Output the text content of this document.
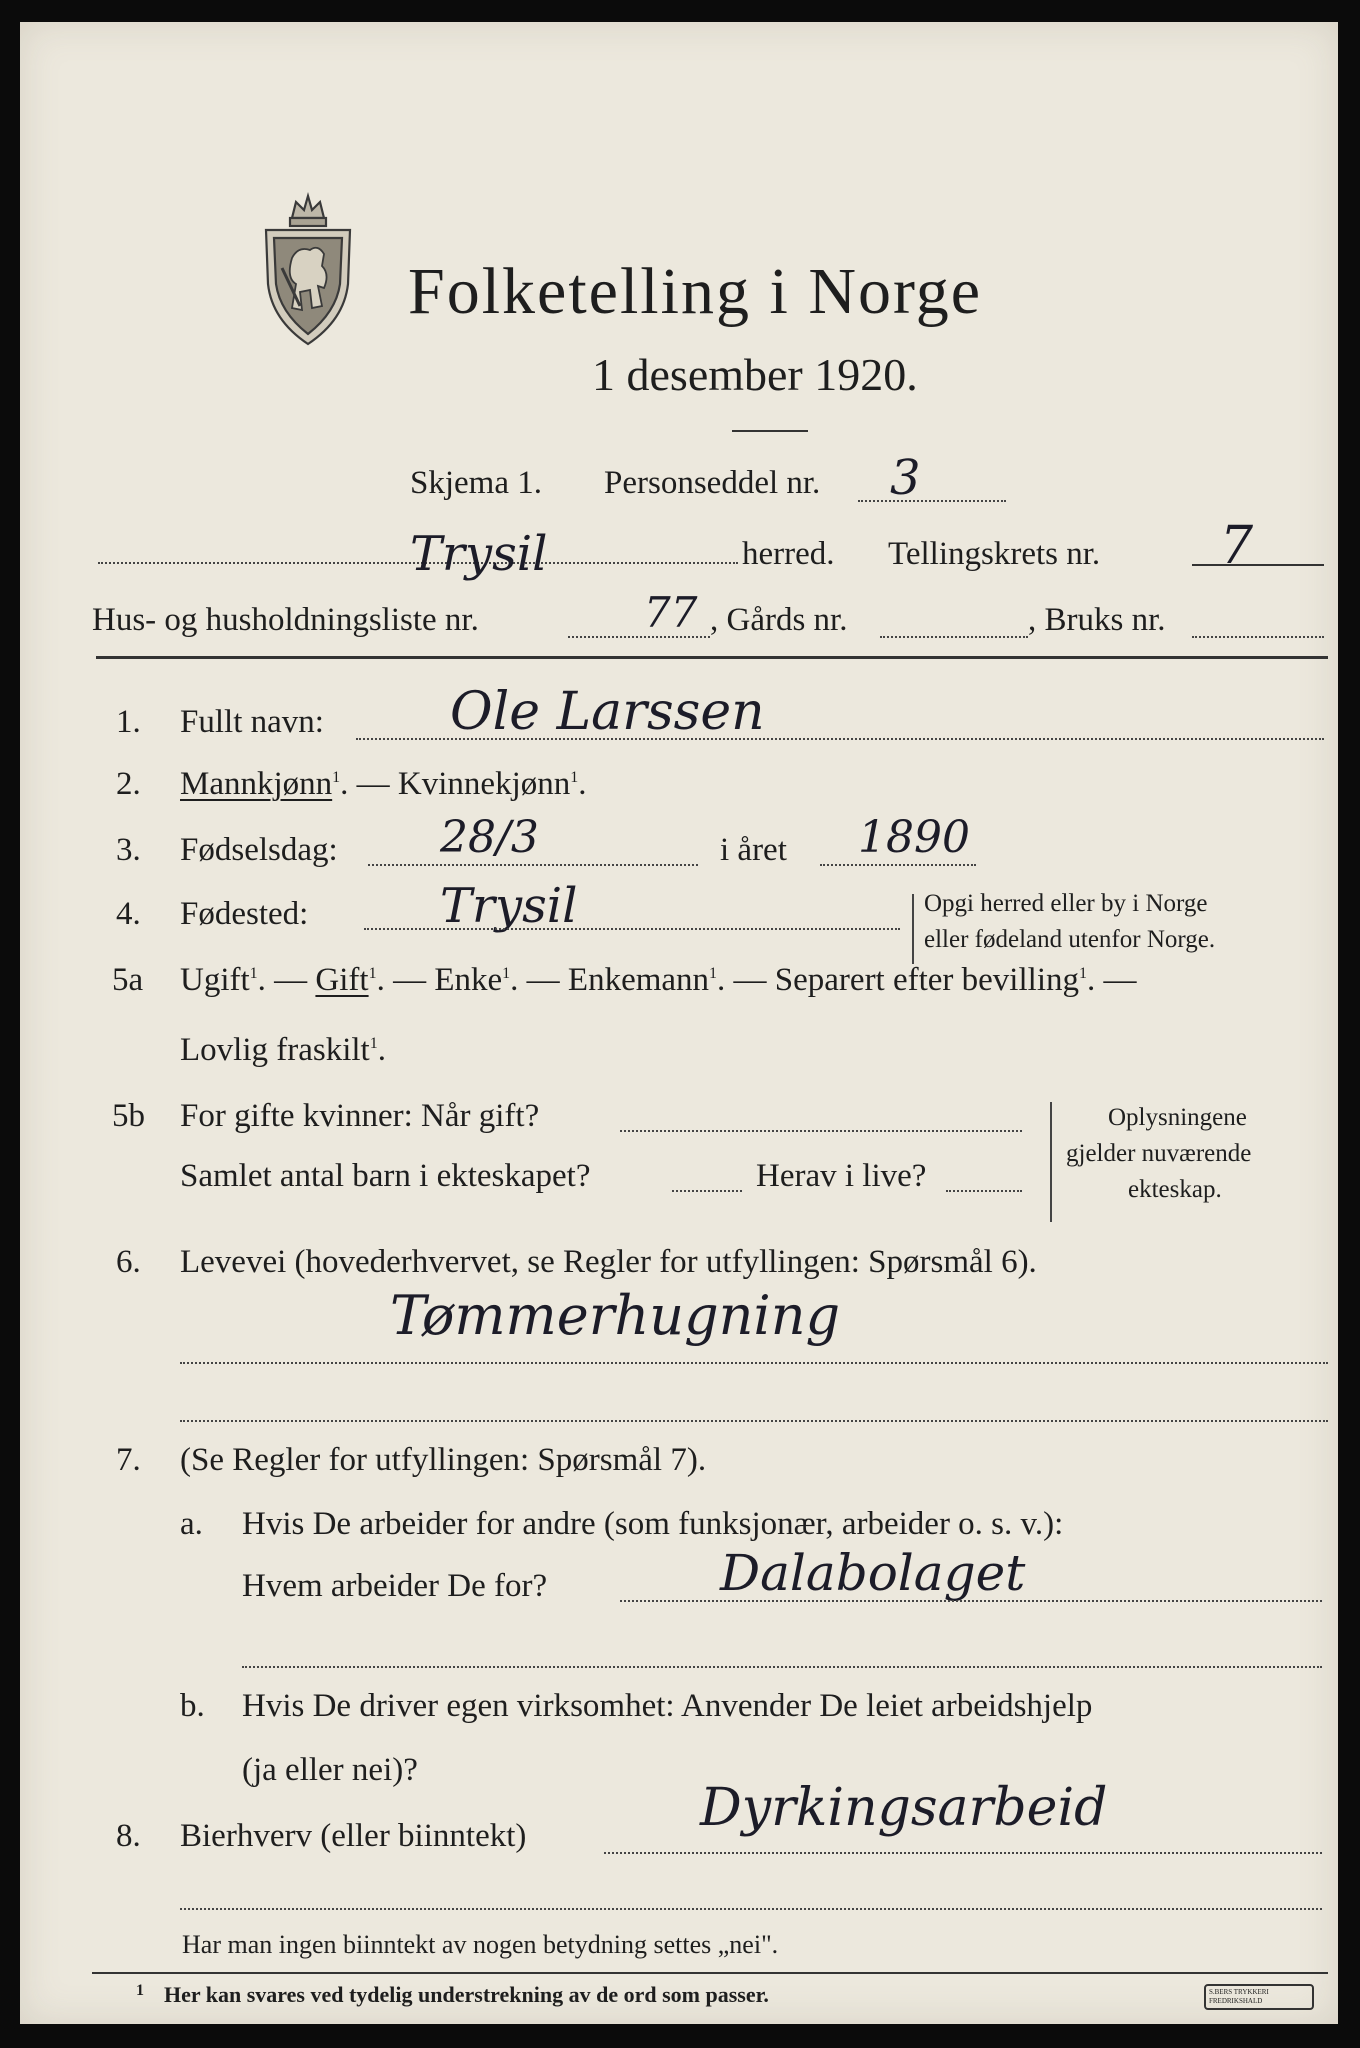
Folketelling i Norge
1 desember 1920.
Skjema 1. Personseddel nr. 3
Trysil	herred. Tellingskrets nr. 7
Hus- og husholdningsliste nr.	77 , Gårds nr.	, Bruks nr.
1. Fullt navn: Ole Larssen
2. Mannkjønn$^1$. — Kvinnekjønn$^1$.
3. Fødselsdag: 28/3	i året 1890
4. Fødested:	Trysil	Opgi herred eller by i Norge
eller fødeland utenfor Norge.
5a Ugift$^1$. — Gift$^1$. — Enke$^1$. — Enkemann$^1$. — Separert efter bevilling$^1$. —
Lovlig fraskilt$^1$.
5b For gifte kvinner: Når gift?
Samlet antal barn i ekteskapet?	Herav i live?
Oplysningene
gjelder nuværende
ekteskap.
6. Levevei (hovederhvervet, se Regler for utfyllingen: Spørsmål 6).
Tømmerhugning
7. (Se Regler for utfyllingen: Spørsmål 7).
a. Hvis De arbeider for andre (som funksjonær, arbeider o. s. v.):
Hvem arbeider De for?	Dalabolaget
b. Hvis De driver egen virksomhet: Anvender De leiet arbeidshjelp
(ja eller nei)?
8. Bierhverv (eller biinntekt)	Dyrkingsarbeid
Har man ingen biinntekt av nogen betydning settes „nei".
1 Her kan svares ved tydelig understrekning av de ord som passer.	S.BERS TRYKKERI FREDRIKSHALD
